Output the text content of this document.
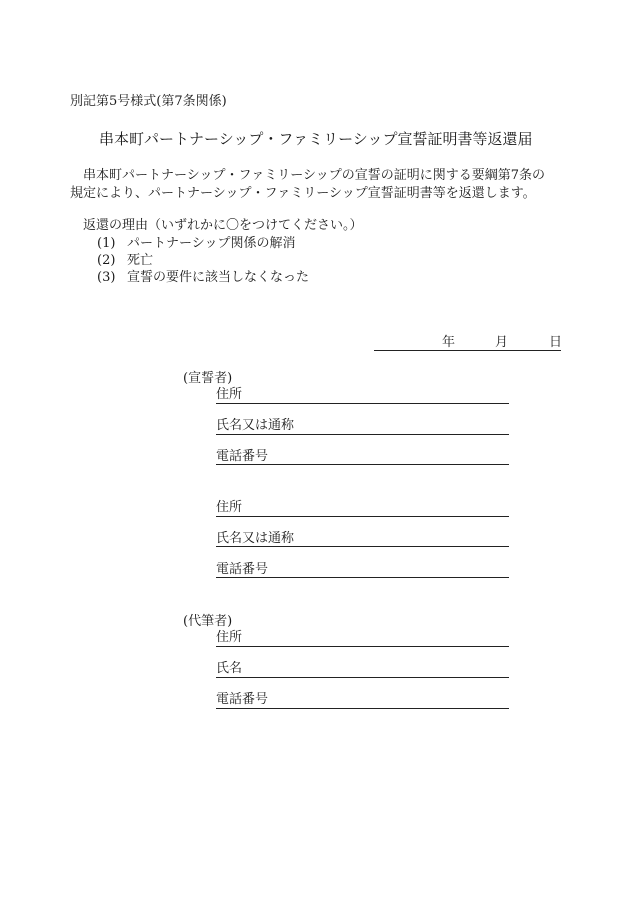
別記第5号様式(第7条関係)
串本町パートナーシップ・ファミリーシップ宣誓証明書等返還届
串本町パートナーシップ・ファミリーシップの宣誓の証明に関する要綱第7条の
規定により、パートナーシップ・ファミリーシップ宣誓証明書等を返還します。
返還の理由（いずれかに〇をつけてください。）
(1) パートナーシップ関係の解消
(2) 死亡
(3) 宣誓の要件に該当しなくなった
年	月	日
(宣誓者)
住所
氏名又は通称
電話番号
住所
氏名又は通称
電話番号
(代筆者)
住所
氏名
電話番号
